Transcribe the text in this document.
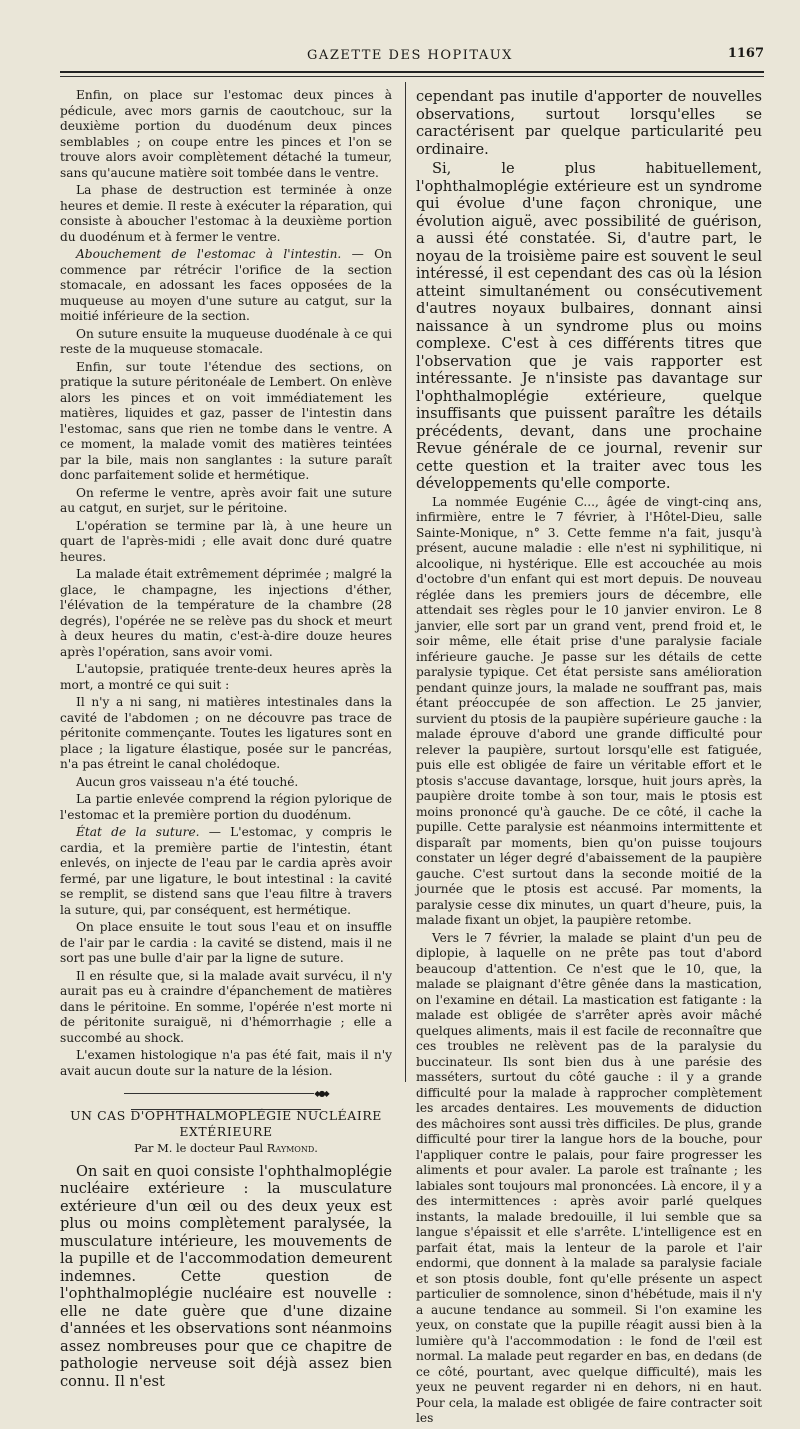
GAZETTE DES HOPITAUX	1167

Enfin, on place sur l'estomac deux pinces à pédicule, avec mors garnis de caoutchouc, sur la deuxième portion du duodénum deux pinces semblables ; on coupe entre les pinces et l'on se trouve alors avoir complètement détaché la tumeur, sans qu'aucune matière soit tombée dans le ventre.

La phase de destruction est terminée à onze heures et demie. Il reste à exécuter la réparation, qui consiste à aboucher l'estomac à la deuxième portion du duodénum et à fermer le ventre.

Abouchement de l'estomac à l'intestin. — On commence par rétrécir l'orifice de la section stomacale, en adossant les faces opposées de la muqueuse au moyen d'une suture au catgut, sur la moitié inférieure de la section.

On suture ensuite la muqueuse duodénale à ce qui reste de la muqueuse stomacale.

Enfin, sur toute l'étendue des sections, on pratique la suture péritonéale de Lembert. On enlève alors les pinces et on voit immédiatement les matières, liquides et gaz, passer de l'intestin dans l'estomac, sans que rien ne tombe dans le ventre. A ce moment, la malade vomit des matières teintées par la bile, mais non sanglantes : la suture paraît donc parfaitement solide et hermétique.

On referme le ventre, après avoir fait une suture au catgut, en surjet, sur le péritoine.

L'opération se termine par là, à une heure un quart de l'après-midi ; elle avait donc duré quatre heures.

La malade était extrêmement déprimée ; malgré la glace, le champagne, les injections d'éther, l'élévation de la température de la chambre (28 degrés), l'opérée ne se relève pas du shock et meurt à deux heures du matin, c'est-à-dire douze heures après l'opération, sans avoir vomi.

L'autopsie, pratiquée trente-deux heures après la mort, a montré ce qui suit :

Il n'y a ni sang, ni matières intestinales dans la cavité de l'abdomen ; on ne découvre pas trace de péritonite commençante. Toutes les ligatures sont en place ; la ligature élastique, posée sur le pancréas, n'a pas étreint le canal cholédoque.

Aucun gros vaisseau n'a été touché.

La partie enlevée comprend la région pylorique de l'estomac et la première portion du duodénum.

État de la suture. — L'estomac, y compris le cardia, et la première partie de l'intestin, étant enlevés, on injecte de l'eau par le cardia après avoir fermé, par une ligature, le bout intestinal : la cavité se remplit, se distend sans que l'eau filtre à travers la suture, qui, par conséquent, est hermétique.

On place ensuite le tout sous l'eau et on insuffle de l'air par le cardia : la cavité se distend, mais il ne sort pas une bulle d'air par la ligne de suture.

Il en résulte que, si la malade avait survécu, il n'y aurait pas eu à craindre d'épanchement de matières dans le péritoine. En somme, l'opérée n'est morte ni de péritonite suraiguë, ni d'hémorrhagie ; elle a succombé au shock.

L'examen histologique n'a pas été fait, mais il n'y avait aucun doute sur la nature de la lésion.

◆●◆
UN CAS D'OPHTHALMOPLÉGIE NUCLÉAIRE EXTÉRIEURE
Par M. le docteur Paul Raymond.

On sait en quoi consiste l'ophthalmoplégie nucléaire extérieure : la musculature extérieure d'un œil ou des deux yeux est plus ou moins complètement paralysée, la musculature intérieure, les mouvements de la pupille et de l'accommodation demeurent indemnes. Cette question de l'ophthalmoplégie nucléaire est nouvelle : elle ne date guère que d'une dizaine d'années et les observations sont néanmoins assez nombreuses pour que ce chapitre de pathologie nerveuse soit déjà assez bien connu. Il n'est

cependant pas inutile d'apporter de nouvelles observations, surtout lorsqu'elles se caractérisent par quelque particularité peu ordinaire.

Si, le plus habituellement, l'ophthalmoplégie extérieure est un syndrome qui évolue d'une façon chronique, une évolution aiguë, avec possibilité de guérison, a aussi été constatée. Si, d'autre part, le noyau de la troisième paire est souvent le seul intéressé, il est cependant des cas où la lésion atteint simultanément ou consécutivement d'autres noyaux bulbaires, donnant ainsi naissance à un syndrome plus ou moins complexe. C'est à ces différents titres que l'observation que je vais rapporter est intéressante. Je n'insiste pas davantage sur l'ophthalmoplégie extérieure, quelque insuffisants que puissent paraître les détails précédents, devant, dans une prochaine Revue générale de ce journal, revenir sur cette question et la traiter avec tous les développements qu'elle comporte.

La nommée Eugénie C..., âgée de vingt-cinq ans, infirmière, entre le 7 février, à l'Hôtel-Dieu, salle Sainte-Monique, n° 3. Cette femme n'a fait, jusqu'à présent, aucune maladie : elle n'est ni syphilitique, ni alcoolique, ni hystérique. Elle est accouchée au mois d'octobre d'un enfant qui est mort depuis. De nouveau réglée dans les premiers jours de décembre, elle attendait ses règles pour le 10 janvier environ. Le 8 janvier, elle sort par un grand vent, prend froid et, le soir même, elle était prise d'une paralysie faciale inférieure gauche. Je passe sur les détails de cette paralysie typique. Cet état persiste sans amélioration pendant quinze jours, la malade ne souffrant pas, mais étant préoccupée de son affection. Le 25 janvier, survient du ptosis de la paupière supérieure gauche : la malade éprouve d'abord une grande difficulté pour relever la paupière, surtout lorsqu'elle est fatiguée, puis elle est obligée de faire un véritable effort et le ptosis s'accuse davantage, lorsque, huit jours après, la paupière droite tombe à son tour, mais le ptosis est moins prononcé qu'à gauche. De ce côté, il cache la pupille. Cette paralysie est néanmoins intermittente et disparaît par moments, bien qu'on puisse toujours constater un léger degré d'abaissement de la paupière gauche. C'est surtout dans la seconde moitié de la journée que le ptosis est accusé. Par moments, la paralysie cesse dix minutes, un quart d'heure, puis, la malade fixant un objet, la paupière retombe.

Vers le 7 février, la malade se plaint d'un peu de diplopie, à laquelle on ne prête pas tout d'abord beaucoup d'attention. Ce n'est que le 10, que, la malade se plaignant d'être gênée dans la mastication, on l'examine en détail. La mastication est fatigante : la malade est obligée de s'arrêter après avoir mâché quelques aliments, mais il est facile de reconnaître que ces troubles ne relèvent pas de la paralysie du buccinateur. Ils sont bien dus à une parésie des masséters, surtout du côté gauche : il y a grande difficulté pour la malade à rapprocher complètement les arcades dentaires. Les mouvements de diduction des mâchoires sont aussi très difficiles. De plus, grande difficulté pour tirer la langue hors de la bouche, pour l'appliquer contre le palais, pour faire progresser les aliments et pour avaler. La parole est traînante ; les labiales sont toujours mal prononcées. Là encore, il y a des intermittences : après avoir parlé quelques instants, la malade bredouille, il lui semble que sa langue s'épaissit et elle s'arrête. L'intelligence est en parfait état, mais la lenteur de la parole et l'air endormi, que donnent à la malade sa paralysie faciale et son ptosis double, font qu'elle présente un aspect particulier de somnolence, sinon d'hébétude, mais il n'y a aucune tendance au sommeil. Si l'on examine les yeux, on constate que la pupille réagit aussi bien à la lumière qu'à l'accommodation : le fond de l'œil est normal. La malade peut regarder en bas, en dedans (de ce côté, pourtant, avec quelque difficulté), mais les yeux ne peuvent regarder ni en dehors, ni en haut. Pour cela, la malade est obligée de faire contracter soit les
